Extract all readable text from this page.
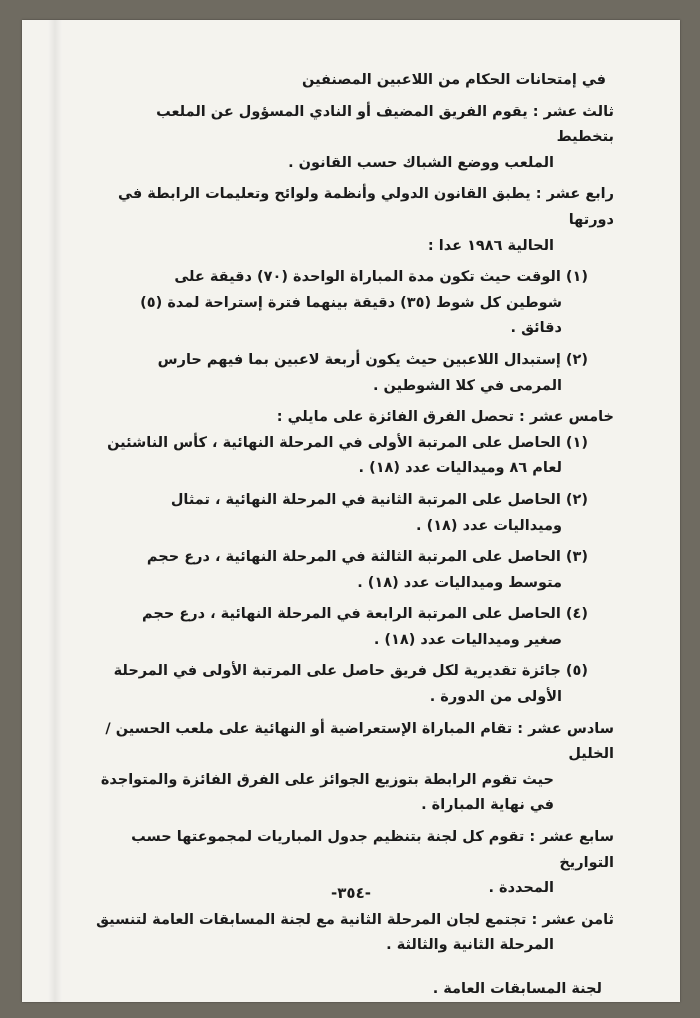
في إمتحانات الحكام من اللاعبين المصنفين

ثالث عشر : يقوم الفريق المضيف أو النادي المسؤول عن الملعب بتخطيط

الملعب ووضع الشباك حسب القانون .

رابع عشر : يطبق القانون الدولي وأنظمة ولوائح وتعليمات الرابطة في دورتها

الحالية ١٩٨٦ عدا :

(١) الوقت حيث تكون مدة المباراة الواحدة (٧٠) دقيقة على

شوطين كل شوط (٣٥) دقيقة بينهما فترة إستراحة لمدة (٥)

دقائق .

(٢) إستبدال اللاعبين حيث يكون أربعة لاعبين بما فيهم حارس

المرمى في كلا الشوطين .

خامس عشر : تحصل الفرق الفائزة على مايلي :

(١) الحاصل على المرتبة الأولى في المرحلة النهائية ، كأس الناشئين

لعام ٨٦ وميداليات عدد (١٨) .

(٢) الحاصل على المرتبة الثانية في المرحلة النهائية ، تمثال

وميداليات عدد (١٨) .

(٣) الحاصل على المرتبة الثالثة في المرحلة النهائية ، درع حجم

متوسط وميداليات عدد (١٨) .

(٤) الحاصل على المرتبة الرابعة في المرحلة النهائية ، درع حجم

صغير وميداليات عدد (١٨) .

(٥) جائزة تقديرية لكل فريق حاصل على المرتبة الأولى في المرحلة

الأولى من الدورة .

سادس عشر : تقام المباراة الإستعراضية أو النهائية على ملعب الحسين /الخليل

حيث تقوم الرابطة بتوزيع الجوائز على الفرق الفائزة والمتواجدة

في نهاية المباراة .

سابع عشر : تقوم كل لجنة بتنظيم جدول المباريات لمجموعتها حسب التواريخ

المحددة .

ثامن عشر : تجتمع لجان المرحلة الثانية مع لجنة المسابقات العامة لتنسيق

المرحلة الثانية والثالثة .

لجنة المسابقات العامة .

-٣٥٤-
